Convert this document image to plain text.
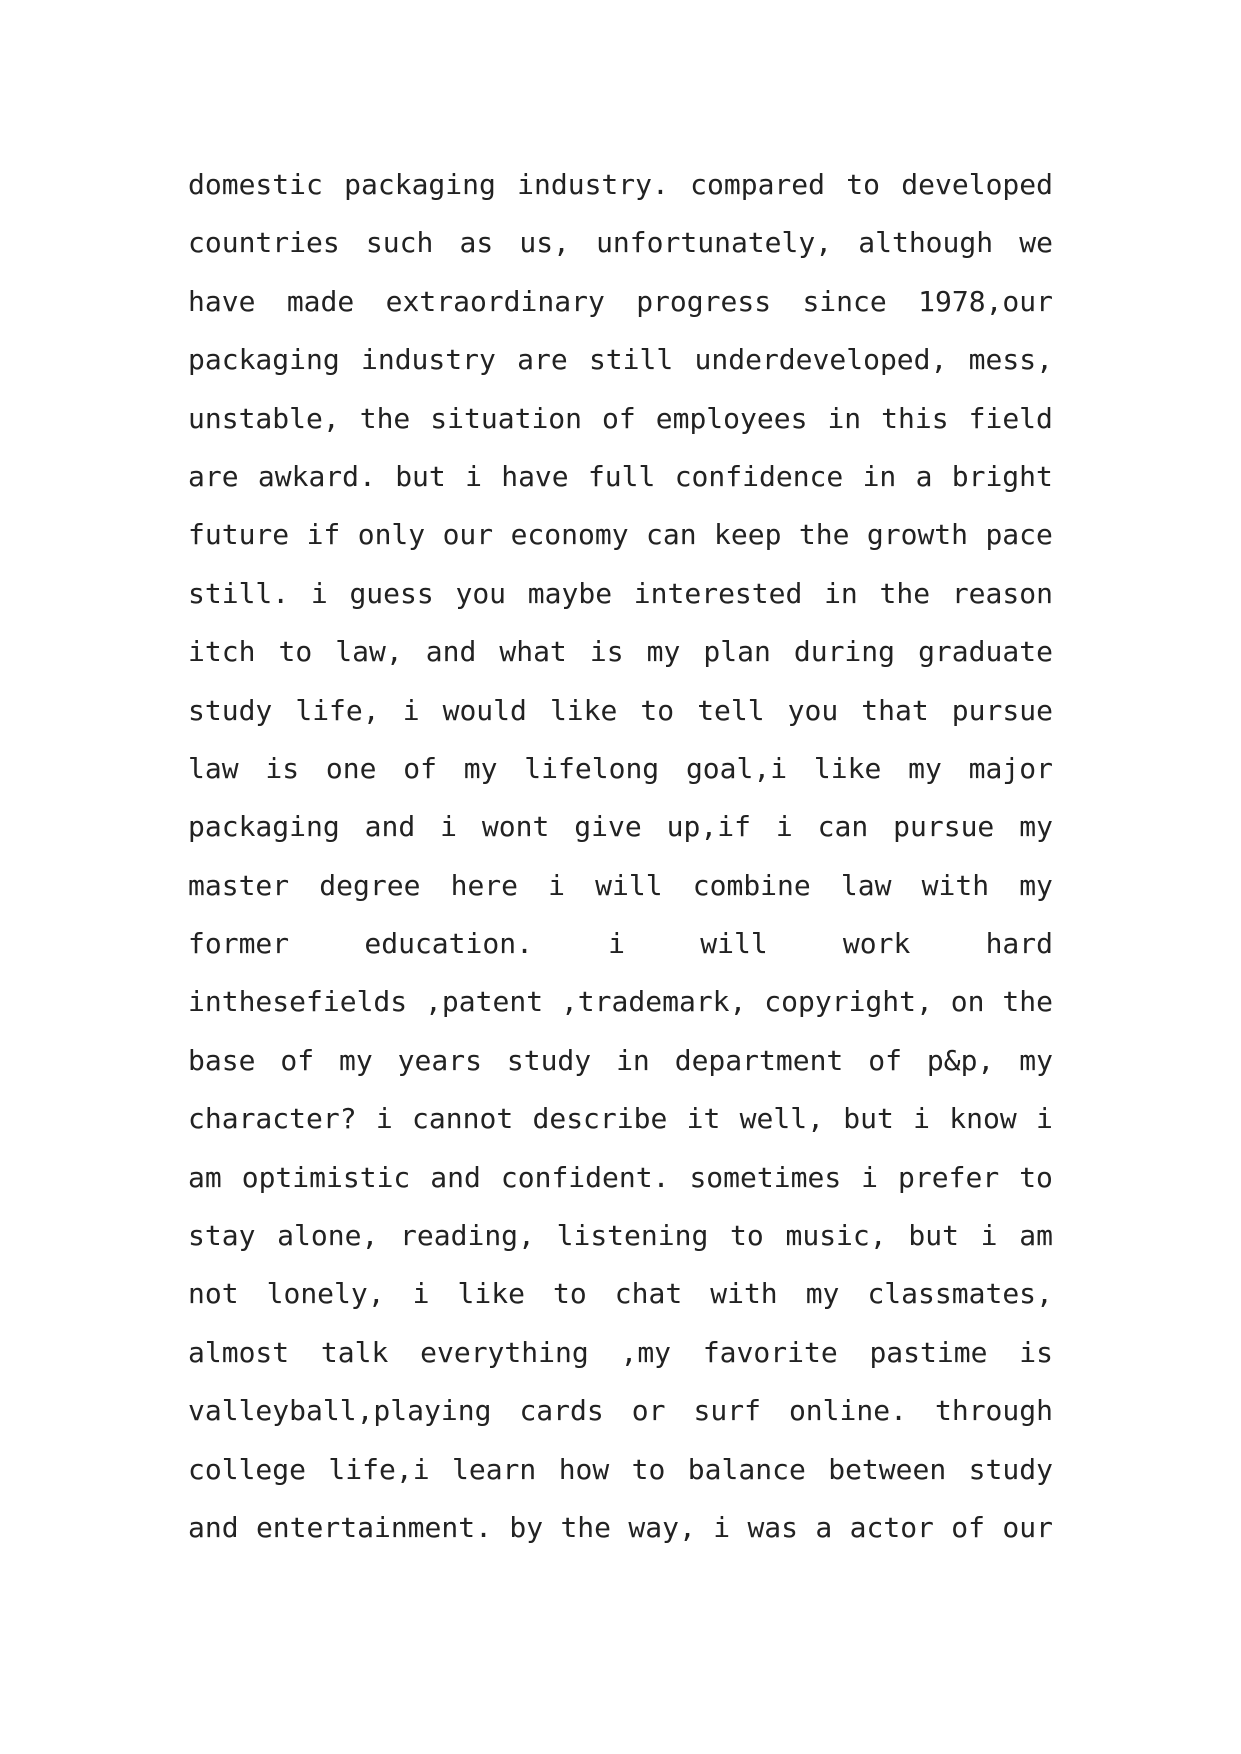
domestic packaging industry. compared to developed
countries such as us, unfortunately, although we
have made extraordinary progress since 1978,our
packaging industry are still underdeveloped, mess,
unstable, the situation of employees in this field
are awkard. but i have full confidence in a bright
future if only our economy can keep the growth pace
still. i guess you maybe interested in the reason
itch to law, and what is my plan during graduate
study life, i would like to tell you that pursue
law is one of my lifelong goal,i like my major
packaging and i wont give up,if i can pursue my
master degree here i will combine law with my
former	education.	i	will	work	hard
inthesefields ,patent ,trademark, copyright, on the
base of my years study in department of p&p, my
character? i cannot describe it well, but i know i
am optimistic and confident. sometimes i prefer to
stay alone, reading, listening to music, but i am
not lonely, i like to chat with my classmates,
almost talk everything ,my favorite pastime is
valleyball,playing cards or surf online. through
college life,i learn how to balance between study
and entertainment. by the way, i was a actor of our
